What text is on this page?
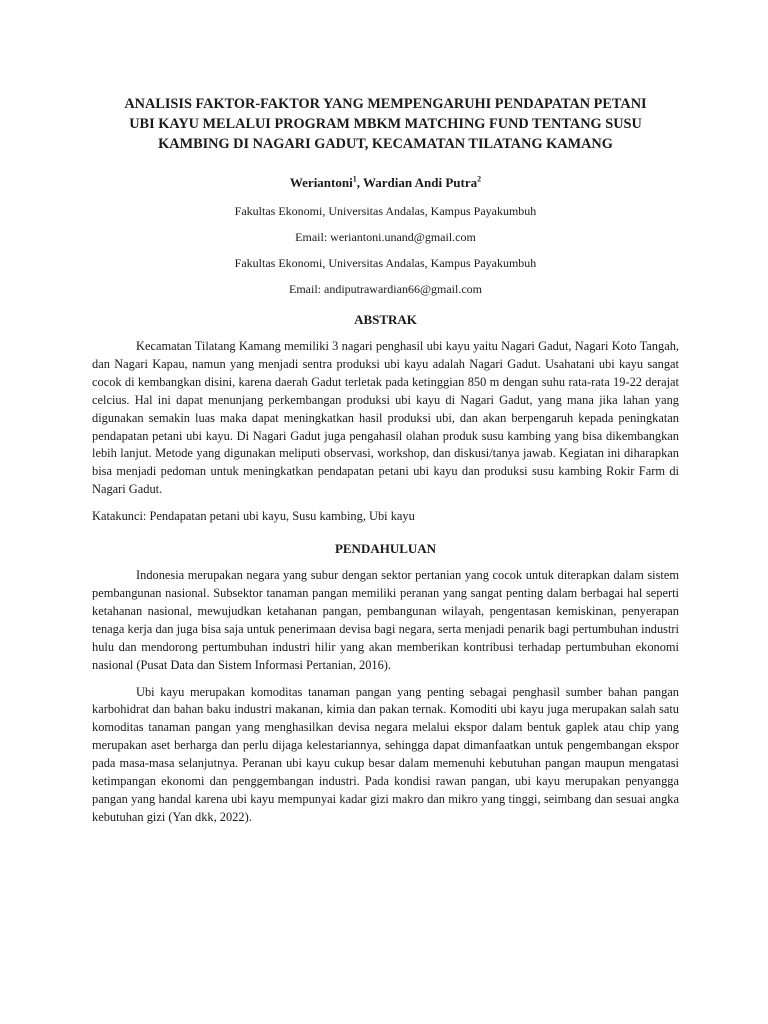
ANALISIS FAKTOR-FAKTOR YANG MEMPENGARUHI PENDAPATAN PETANI
UBI KAYU MELALUI PROGRAM MBKM MATCHING FUND TENTANG SUSU
KAMBING DI NAGARI GADUT, KECAMATAN TILATANG KAMANG

Weriantoni$^1$, Wardian Andi Putra$^2$

Fakultas Ekonomi, Universitas Andalas, Kampus Payakumbuh

Email: weriantoni.unand@gmail.com

Fakultas Ekonomi, Universitas Andalas, Kampus Payakumbuh

Email: andiputrawardian66@gmail.com

ABSTRAK

Kecamatan Tilatang Kamang memiliki 3 nagari penghasil ubi kayu yaitu Nagari Gadut, Nagari Koto Tangah, dan Nagari Kapau, namun yang menjadi sentra produksi ubi kayu adalah Nagari Gadut. Usahatani ubi kayu sangat cocok di kembangkan disini, karena daerah Gadut terletak pada ketinggian 850 m dengan suhu rata-rata 19-22 derajat celcius. Hal ini dapat menunjang perkembangan produksi ubi kayu di Nagari Gadut, yang mana jika lahan yang digunakan semakin luas maka dapat meningkatkan hasil produksi ubi, dan akan berpengaruh kepada peningkatan pendapatan petani ubi kayu. Di Nagari Gadut juga pengahasil olahan produk susu kambing yang bisa dikembangkan lebih lanjut. Metode yang digunakan meliputi observasi, workshop, dan diskusi/tanya jawab. Kegiatan ini diharapkan bisa menjadi pedoman untuk meningkatkan pendapatan petani ubi kayu dan produksi susu kambing Rokir Farm di Nagari Gadut.

Katakunci: Pendapatan petani ubi kayu, Susu kambing, Ubi kayu

PENDAHULUAN

Indonesia merupakan negara yang subur dengan sektor pertanian yang cocok untuk diterapkan dalam sistem pembangunan nasional. Subsektor tanaman pangan memiliki peranan yang sangat penting dalam berbagai hal seperti ketahanan nasional, mewujudkan ketahanan pangan, pembangunan wilayah, pengentasan kemiskinan, penyerapan tenaga kerja dan juga bisa saja untuk penerimaan devisa bagi negara, serta menjadi penarik bagi pertumbuhan industri hulu dan mendorong pertumbuhan industri hilir yang akan memberikan kontribusi terhadap pertumbuhan ekonomi nasional (Pusat Data dan Sistem Informasi Pertanian, 2016).

Ubi kayu merupakan komoditas tanaman pangan yang penting sebagai penghasil sumber bahan pangan karbohidrat dan bahan baku industri makanan, kimia dan pakan ternak. Komoditi ubi kayu juga merupakan salah satu komoditas tanaman pangan yang menghasilkan devisa negara melalui ekspor dalam bentuk gaplek atau chip yang merupakan aset berharga dan perlu dijaga kelestariannya, sehingga dapat dimanfaatkan untuk pengembangan ekspor pada masa-masa selanjutnya. Peranan ubi kayu cukup besar dalam memenuhi kebutuhan pangan maupun mengatasi ketimpangan ekonomi dan penggembangan industri. Pada kondisi rawan pangan, ubi kayu merupakan penyangga pangan yang handal karena ubi kayu mempunyai kadar gizi makro dan mikro yang tinggi, seimbang dan sesuai angka kebutuhan gizi (Yan dkk, 2022).
